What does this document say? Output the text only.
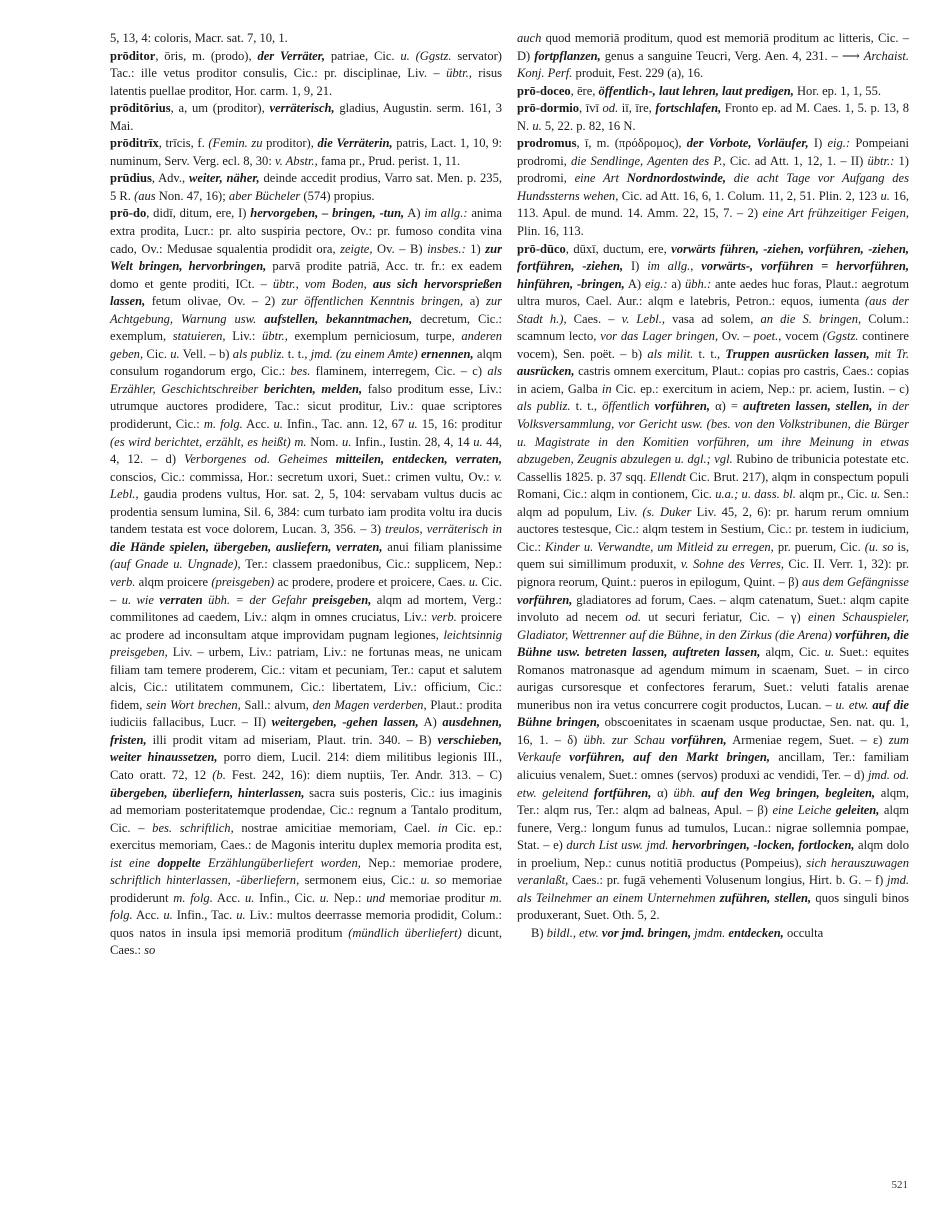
5, 13, 4: coloris, Macr. sat. 7, 10, 1.

prōditor, ōris, m. (prodo), der Verräter, patriae, Cic. u. (Ggstz. servator) Tac.: ille vetus proditor consulis, Cic.: pr. disciplinae, Liv. – übtr., risus latentis puellae proditor, Hor. carm. 1, 9, 21.

prōditōrius, a, um (proditor), verräterisch, gladius, Augustin. serm. 161, 3 Mai.

prōditrīx, trīcis, f. (Femin. zu proditor), die Verräterin, patris, Lact. 1, 10, 9: numinum, Serv. Verg. ecl. 8, 30: v. Abstr., fama pr., Prud. perist. 1, 11.

prūdius, Adv., weiter, näher, deinde accedit prodius, Varro sat. Men. p. 235, 5 R. (aus Non. 47, 16); aber Bücheler (574) propius.

prō-do, didī, ditum, ere, I) hervorgeben, – bringen, -tun, A) im allg.: anima extra prodita, Lucr.: pr. alto suspiria pectore, Ov.: pr. fumoso condita vina cado, Ov.: Medusae squalentia prodidit ora, zeigte, Ov. – B) insbes.: 1) zur Welt bringen, hervorbringen, parvā prodite patriā, Acc. tr. fr.: ex eadem domo et gente proditi, ICt. – übtr., vom Boden, aus sich hervorsprießen lassen, fetum olivae, Ov. – 2) zur öffentlichen Kenntnis bringen, a) zur Achtgebung, Warnung usw. aufstellen, bekanntmachen, decretum, Cic.: exemplum, statuieren, Liv.: übtr., exemplum perniciosum, turpe, anderen geben, Cic. u. Vell. – b) als publiz. t. t., jmd. (zu einem Amte) ernennen, alqm consulum rogandorum ergo, Cic.: bes. flaminem, interregem, Cic. – c) als Erzähler, Geschichtschreiber berichten, melden, falso proditum esse, Liv.: utrumque auctores prodidere, Tac.: sicut proditur, Liv.: quae scriptores prodiderunt, Cic.: m. folg. Acc. u. Infin., Tac. ann. 12, 67 u. 15, 16: proditur (es wird berichtet, erzählt, es heißt) m. Nom. u. Infin., Iustin. 28, 4, 14 u. 44, 4, 12. – d) Verborgenes od. Geheimes mitteilen, entdecken, verraten, conscios, Cic.: commissa, Hor.: secretum uxori, Suet.: crimen vultu, Ov.: v. Lebl., gaudia prodens vultus, Hor. sat. 2, 5, 104: servabam vultus ducis ac prodentia sensum lumina, Sil. 6, 384: cum turbato iam prodita voltu ira ducis tandem testata est voce dolorem, Lucan. 3, 356. – 3) treulos, verräterisch in die Hände spielen, übergeben, ausliefern, verraten, anui filiam planissime (auf Gnade u. Ungnade), Ter.: classem praedonibus, Cic.: supplicem, Nep.: verb. alqm proicere (preisgeben) ac prodere, prodere et proicere, Caes. u. Cic. – u. wie verraten übh. = der Gefahr preisgeben, alqm ad mortem, Verg.: commilitones ad caedem, Liv.: alqm in omnes cruciatus, Liv.: verb. proicere ac prodere ad inconsultam atque improvidam pugnam legiones, leichtsinnig preisgeben, Liv. – urbem, Liv.: patriam, Liv.: ne fortunas meas, ne unicam filiam tam temere proderem, Cic.: vitam et pecuniam, Ter.: caput et salutem alcis, Cic.: utilitatem communem, Cic.: libertatem, Liv.: officium, Cic.: fidem, sein Wort brechen, Sall.: alvum, den Magen verderben, Plaut.: prodita iudiciis fallacibus, Lucr. – II) weitergeben, -gehen lassen, A) ausdehnen, fristen, illi prodit vitam ad miseriam, Plaut. trin. 340. – B) verschieben, weiter hinaussetzen, porro diem, Lucil. 214: diem militibus legionis III., Cato oratt. 72, 12 (b. Fest. 242, 16): diem nuptiis, Ter. Andr. 313. – C) übergeben, überliefern, hinterlassen, sacra suis posteris, Cic.: ius imaginis ad memoriam posteritatemque prodendae, Cic.: regnum a Tantalo proditum, Cic. – bes. schriftlich, nostrae amicitiae memoriam, Cael. in Cic. ep.: exercitus memoriam, Caes.: de Magonis interitu duplex memoria prodita est, ist eine doppelte Erzählungüberliefert worden, Nep.: memoriae prodere, schriftlich hinterlassen, -überliefern, sermonem eius, Cic.: u. so memoriae prodiderunt m. folg. Acc. u. Infin., Cic. u. Nep.: und memoriae proditur m. folg. Acc. u. Infin., Tac. u. Liv.: multos deerrasse memoria prodidit, Colum.: quos natos in insula ipsi memoriā proditum (mündlich überliefert) dicunt, Caes.: so

auch quod memoriā proditum, quod est memoriā proditum ac litteris, Cic. – D) fortpflanzen, genus a sanguine Teucri, Verg. Aen. 4, 231. – ⟶ Archaist. Konj. Perf. produit, Fest. 229 (a), 16.

prō-doceo, ēre, öffentlich-, laut lehren, laut predigen, Hor. ep. 1, 1, 55.

prō-dormio, īvī od. iī, īre, fortschlafen, Fronto ep. ad M. Caes. 1, 5. p. 13, 8 N. u. 5, 22. p. 82, 16 N.

prodromus, ī, m. (πρόδρομος), der Vorbote, Vorläufer, I) eig.: Pompeiani prodromi, die Sendlinge, Agenten des P., Cic. ad Att. 1, 12, 1. – II) übtr.: 1) prodromi, eine Art Nordnordostwinde, die acht Tage vor Aufgang des Hundssterns wehen, Cic. ad Att. 16, 6, 1. Colum. 11, 2, 51. Plin. 2, 123 u. 16, 113. Apul. de mund. 14. Amm. 22, 15, 7. – 2) eine Art frühzeitiger Feigen, Plin. 16, 113.

prō-dūco, dūxī, ductum, ere, vorwärts führen, -ziehen, vorführen, -ziehen, fortführen, -ziehen, I) im allg., vorwärts-, vorführen = hervorführen, hinführen, -bringen, A) eig.: a) übh.: ante aedes huc foras, Plaut.: aegrotum ultra muros, Cael. Aur.: alqm e latebris, Petron.: equos, iumenta (aus der Stadt h.), Caes. – v. Lebl., vasa ad solem, an die S. bringen, Colum.: scamnum lecto, vor das Lager bringen, Ov. – poet., vocem (Ggstz. continere vocem), Sen. poët. – b) als milit. t. t., Truppen ausrücken lassen, mit Tr. ausrücken, castris omnem exercitum, Plaut.: copias pro castris, Caes.: copias in aciem, Galba in Cic. ep.: exercitum in aciem, Nep.: pr. aciem, Iustin. – c) als publiz. t. t., öffentlich vorführen, α) = auftreten lassen, stellen, in der Volksversammlung, vor Gericht usw. (bes. von den Volkstribunen, die Bürger u. Magistrate in den Komitien vorführen, um ihre Meinung in etwas abzugeben, Zeugnis abzulegen u. dgl.; vgl. Rubino de tribunicia potestate etc. Cassellis 1825. p. 37 sqq. Ellendt Cic. Brut. 217), alqm in conspectum populi Romani, Cic.: alqm in contionem, Cic. u.a.; u. dass. bl. alqm pr., Cic. u. Sen.: alqm ad populum, Liv. (s. Duker Liv. 45, 2, 6): pr. harum rerum omnium auctores testesque, Cic.: alqm testem in Sestium, Cic.: pr. testem in iudicium, Cic.: Kinder u. Verwandte, um Mitleid zu erregen, pr. puerum, Cic. (u. so is, quem sui simillimum produxit, v. Sohne des Verres, Cic. II. Verr. 1, 32): pr. pignora reorum, Quint.: pueros in epilogum, Quint. – β) aus dem Gefängnisse vorführen, gladiatores ad forum, Caes. – alqm catenatum, Suet.: alqm capite involuto ad necem od. ut securi feriatur, Cic. – γ) einen Schauspieler, Gladiator, Wettrenner auf die Bühne, in den Zirkus (die Arena) vorführen, die Bühne usw. betreten lassen, auftreten lassen, alqm, Cic. u. Suet.: equites Romanos matronasque ad agendum mimum in scaenam, Suet. – in circo aurigas cursoresque et confectores ferarum, Suet.: veluti fatalis arenae muneribus non ira vetus concurrere cogit productos, Lucan. – u. etw. auf die Bühne bringen, obscoenitates in scaenam usque productae, Sen. nat. qu. 1, 16, 1. – δ) übh. zur Schau vorführen, Armeniae regem, Suet. – ε) zum Verkaufe vorführen, auf den Markt bringen, ancillam, Ter.: familiam alicuius venalem, Suet.: omnes (servos) produxi ac vendidi, Ter. – d) jmd. od. etw. geleitend fortführen, α) übh. auf den Weg bringen, begleiten, alqm, Ter.: alqm rus, Ter.: alqm ad balneas, Apul. – β) eine Leiche geleiten, alqm funere, Verg.: longum funus ad tumulos, Lucan.: nigrae sollemnia pompae, Stat. – e) durch List usw. jmd. hervorbringen, -locken, fortlocken, alqm dolo in proelium, Nep.: cunus notitiā productus (Pompeius), sich herauszuwagen veranlaßt, Caes.: pr. fugā vehementi Volusenum longius, Hirt. b. G. – f) jmd. als Teilnehmer an einem Unternehmen zuführen, stellen, quos singuli binos produxerant, Suet. Oth. 5, 2.

B) bildl., etw. vor jmd. bringen, jmdm. entdecken, occulta

521
